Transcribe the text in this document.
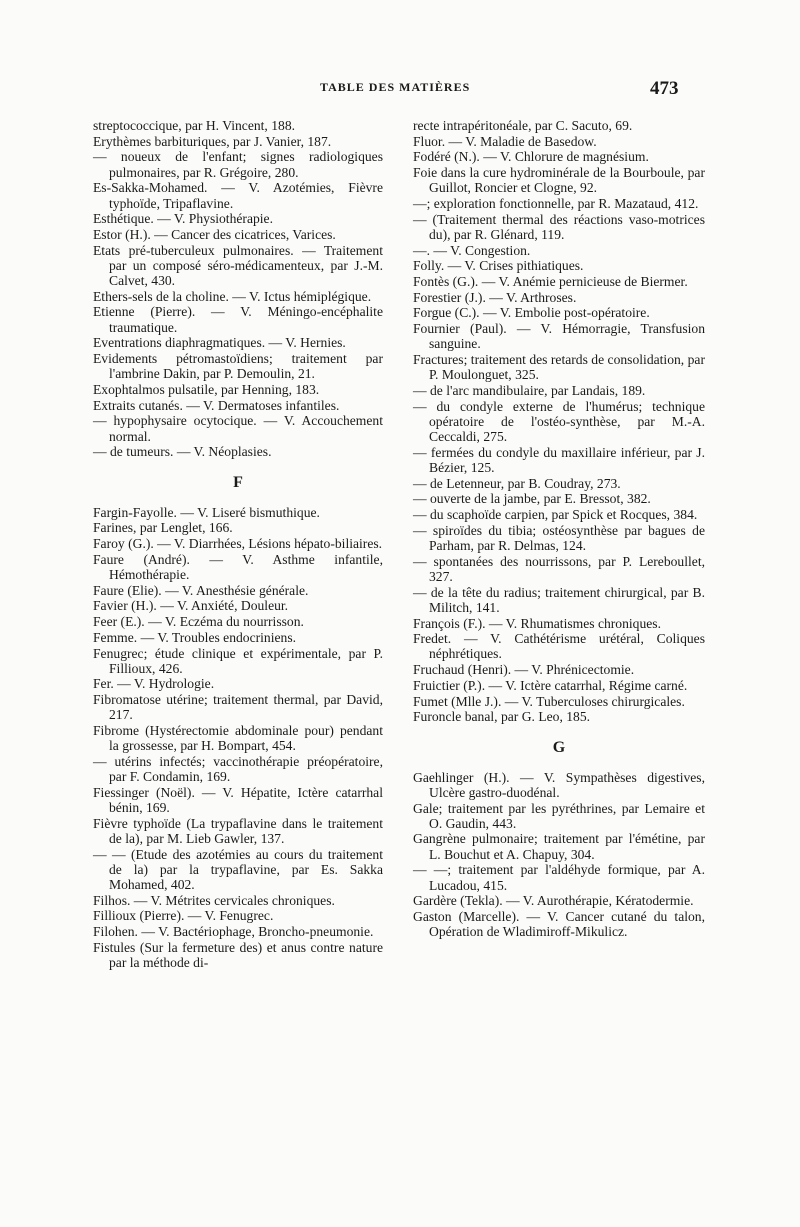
TABLE DES MATIÈRES	473
streptococcique, par H. Vincent, 188.
Erythèmes barbituriques, par J. Vanier, 187.
— noueux de l'enfant; signes radiologiques pulmonaires, par R. Grégoire, 280.
Es-Sakka-Mohamed. — V. Azotémies, Fièvre typhoïde, Tripaflavine.
Esthétique. — V. Physiothérapie.
Estor (H.). — Cancer des cicatrices, Varices.
Etats pré-tuberculeux pulmonaires. — Traitement par un composé séro-médicamenteux, par J.-M. Calvet, 430.
Ethers-sels de la choline. — V. Ictus hémiplégique.
Etienne (Pierre). — V. Méningo-encéphalite traumatique.
Eventrations diaphragmatiques. — V. Hernies.
Evidements pétromastoïdiens; traitement par l'ambrine Dakin, par P. Demoulin, 21.
Exophtalmos pulsatile, par Henning, 183.
Extraits cutanés. — V. Dermatoses infantiles.
— hypophysaire ocytocique. — V. Accouchement normal.
— de tumeurs. — V. Néoplasies.
F
Fargin-Fayolle. — V. Liseré bismuthique.
Farines, par Lenglet, 166.
Faroy (G.). — V. Diarrhées, Lésions hépato-biliaires.
Faure (André). — V. Asthme infantile, Hémothérapie.
Faure (Elie). — V. Anesthésie générale.
Favier (H.). — V. Anxiété, Douleur.
Feer (E.). — V. Eczéma du nourrisson.
Femme. — V. Troubles endocriniens.
Fenugrec; étude clinique et expérimentale, par P. Fillioux, 426.
Fer. — V. Hydrologie.
Fibromatose utérine; traitement thermal, par David, 217.
Fibrome (Hystérectomie abdominale pour) pendant la grossesse, par H. Bompart, 454.
— utérins infectés; vaccinothérapie préopératoire, par F. Condamin, 169.
Fiessinger (Noël). — V. Hépatite, Ictère catarrhal bénin, 169.
Fièvre typhoïde (La trypaflavine dans le traitement de la), par M. Lieb Gawler, 137.
— — (Etude des azotémies au cours du traitement de la) par la trypaflavine, par Es. Sakka Mohamed, 402.
Filhos. — V. Métrites cervicales chroniques.
Fillioux (Pierre). — V. Fenugrec.
Filohen. — V. Bactériophage, Broncho-pneumonie.
Fistules (Sur la fermeture des) et anus contre nature par la méthode di-
recte intrapéritonéale, par C. Sacuto, 69.
Fluor. — V. Maladie de Basedow.
Fodéré (N.). — V. Chlorure de magnésium.
Foie dans la cure hydrominérale de la Bourboule, par Guillot, Roncier et Clogne, 92.
—; exploration fonctionnelle, par R. Mazataud, 412.
— (Traitement thermal des réactions vaso-motrices du), par R. Glénard, 119.
—. — V. Congestion.
Folly. — V. Crises pithiatiques.
Fontès (G.). — V. Anémie pernicieuse de Biermer.
Forestier (J.). — V. Arthroses.
Forgue (C.). — V. Embolie post-opératoire.
Fournier (Paul). — V. Hémorragie, Transfusion sanguine.
Fractures; traitement des retards de consolidation, par P. Moulonguet, 325.
— de l'arc mandibulaire, par Landais, 189.
— du condyle externe de l'humérus; technique opératoire de l'ostéo-synthèse, par M.-A. Ceccaldi, 275.
— fermées du condyle du maxillaire inférieur, par J. Bézier, 125.
— de Letenneur, par B. Coudray, 273.
— ouverte de la jambe, par E. Bressot, 382.
— du scaphoïde carpien, par Spick et Rocques, 384.
— spiroïdes du tibia; ostéosynthèse par bagues de Parham, par R. Delmas, 124.
— spontanées des nourrissons, par P. Lereboullet, 327.
— de la tête du radius; traitement chirurgical, par B. Militch, 141.
François (F.). — V. Rhumatismes chroniques.
Fredet. — V. Cathétérisme urétéral, Coliques néphrétiques.
Fruchaud (Henri). — V. Phrénicectomie.
Fruictier (P.). — V. Ictère catarrhal, Régime carné.
Fumet (Mlle J.). — V. Tuberculoses chirurgicales.
Furoncle banal, par G. Leo, 185.
G
Gaehlinger (H.). — V. Sympathèses digestives, Ulcère gastro-duodénal.
Gale; traitement par les pyréthrines, par Lemaire et O. Gaudin, 443.
Gangrène pulmonaire; traitement par l'émétine, par L. Bouchut et A. Chapuy, 304.
— —; traitement par l'aldéhyde formique, par A. Lucadou, 415.
Gardère (Tekla). — V. Aurothérapie, Kératodermie.
Gaston (Marcelle). — V. Cancer cutané du talon, Opération de Wladimiroff-Mikulicz.
